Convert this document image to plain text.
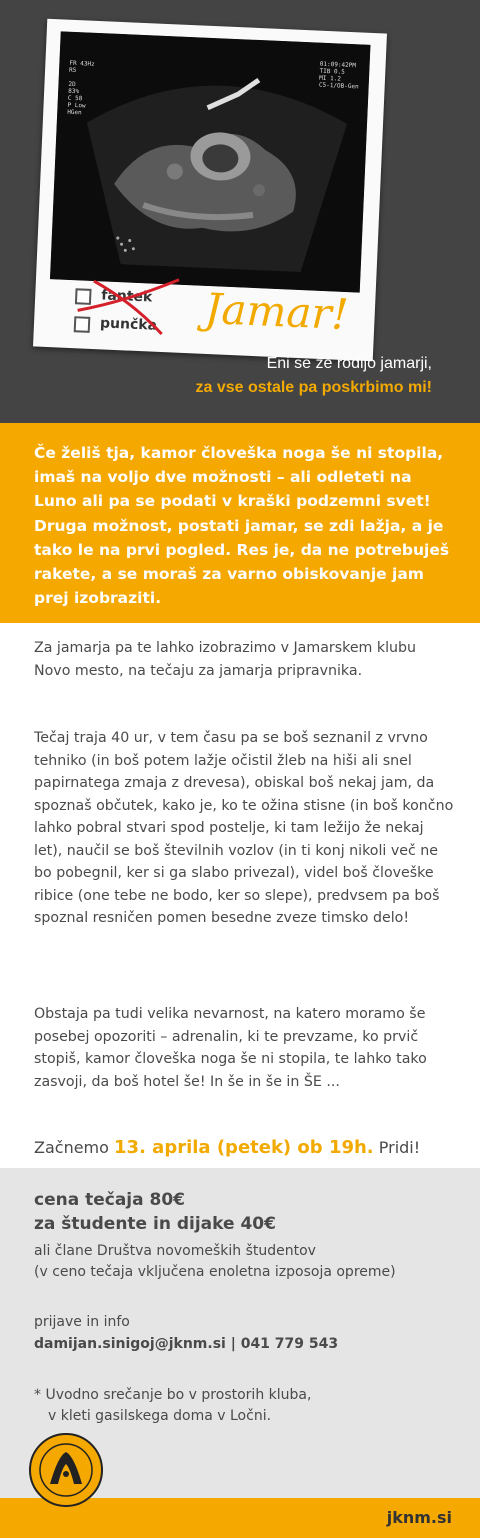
FR 43Hz
R5

2D
83%
C 58
P Low
HGen
01:09:42PM
TIB 0.5
MI 1.2
C5-1/OB-Gen
fantek
punčka Jamar!
Eni se že rodijo jamarji,
za vse ostale pa poskrbimo mi!

Če želiš tja, kamor človeška noga še ni stopila, imaš na voljo dve možnosti – ali odleteti na Luno ali pa se podati v kraški podzemni svet! Druga možnost, postati jamar, se zdi lažja, a je tako le na prvi pogled. Res je, da ne potrebuješ rakete, a se moraš za varno obiskovanje jam prej izobraziti.

Za jamarja pa te lahko izobrazimo v Jamarskem klubu Novo mesto, na tečaju za jamarja pripravnika.

Tečaj traja 40 ur, v tem času pa se boš seznanil z vrvno tehniko (in boš potem lažje očistil žleb na hiši ali snel papirnatega zmaja z drevesa), obiskal boš nekaj jam, da spoznaš občutek, kako je, ko te ožina stisne (in boš končno lahko pobral stvari spod postelje, ki tam ležijo že nekaj let), naučil se boš številnih vozlov (in ti konj nikoli več ne bo pobegnil, ker si ga slabo privezal), videl boš človeške ribice (one tebe ne bodo, ker so slepe), predvsem pa boš spoznal resničen pomen besedne zveze timsko delo!

Obstaja pa tudi velika nevarnost, na katero moramo še posebej opozoriti – adrenalin, ki te prevzame, ko prvič stopiš, kamor človeška noga še ni stopila, te lahko tako zasvoji, da boš hotel še! In še in še in ŠE ...

Začnemo 13. aprila (petek) ob 19h. Pridi!
cena tečaja 80€
za študente in dijake 40€
ali člane Društva novomeških študentov
(v ceno tečaja vključena enoletna izposoja opreme)
prijave in info
damijan.sinigoj@jknm.si | 041 779 543
* Uvodno srečanje bo v prostorih kluba,
v kleti gasilskega doma v Ločni.
jknm.si
